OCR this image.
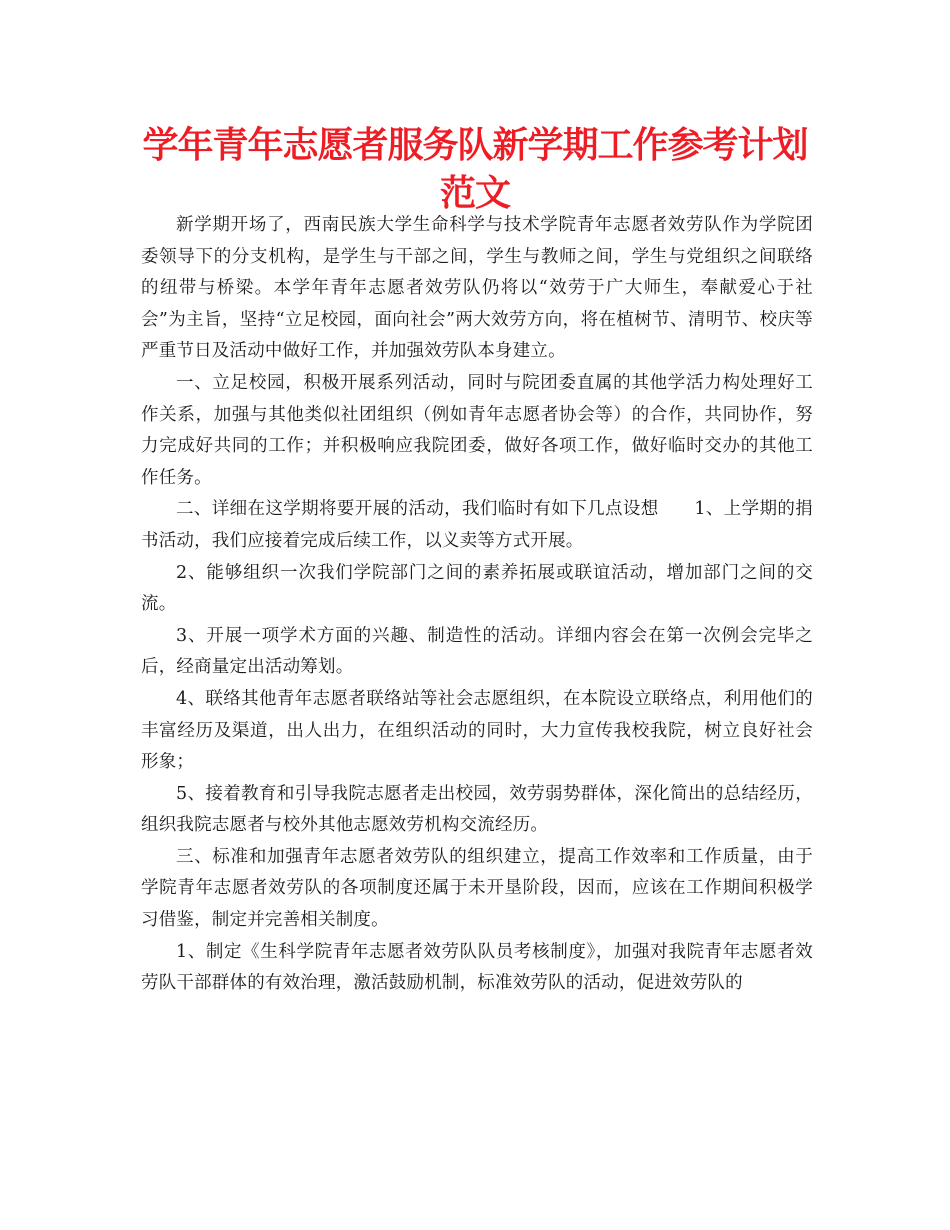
学年青年志愿者服务队新学期工作参考计划范文

新学期开场了，西南民族大学生命科学与技术学院青年志愿者效劳队作为学院团委领导下的分支机构，是学生与干部之间，学生与教师之间，学生与党组织之间联络的纽带与桥梁。本学年青年志愿者效劳队仍将以“效劳于广大师生，奉献爱心于社会”为主旨，坚持“立足校园，面向社会”两大效劳方向，将在植树节、清明节、校庆等严重节日及活动中做好工作，并加强效劳队本身建立。

一、立足校园，积极开展系列活动，同时与院团委直属的其他学活力构处理好工作关系，加强与其他类似社团组织（例如青年志愿者协会等）的合作，共同协作，努力完成好共同的工作；并积极响应我院团委，做好各项工作，做好临时交办的其他工作任务。

二、详细在这学期将要开展的活动，我们临时有如下几点设想　　1、上学期的捐书活动，我们应接着完成后续工作，以义卖等方式开展。

2、能够组织一次我们学院部门之间的素养拓展或联谊活动，增加部门之间的交流。

3、开展一项学术方面的兴趣、制造性的活动。详细内容会在第一次例会完毕之后，经商量定出活动筹划。

4、联络其他青年志愿者联络站等社会志愿组织，在本院设立联络点，利用他们的丰富经历及渠道，出人出力，在组织活动的同时，大力宣传我校我院，树立良好社会形象；

5、接着教育和引导我院志愿者走出校园，效劳弱势群体，深化简出的总结经历，组织我院志愿者与校外其他志愿效劳机构交流经历。

三、标准和加强青年志愿者效劳队的组织建立，提高工作效率和工作质量，由于学院青年志愿者效劳队的各项制度还属于未开垦阶段，因而，应该在工作期间积极学习借鉴，制定并完善相关制度。

1、制定《生科学院青年志愿者效劳队队员考核制度》，加强对我院青年志愿者效劳队干部群体的有效治理，激活鼓励机制，标准效劳队的活动，促进效劳队的
